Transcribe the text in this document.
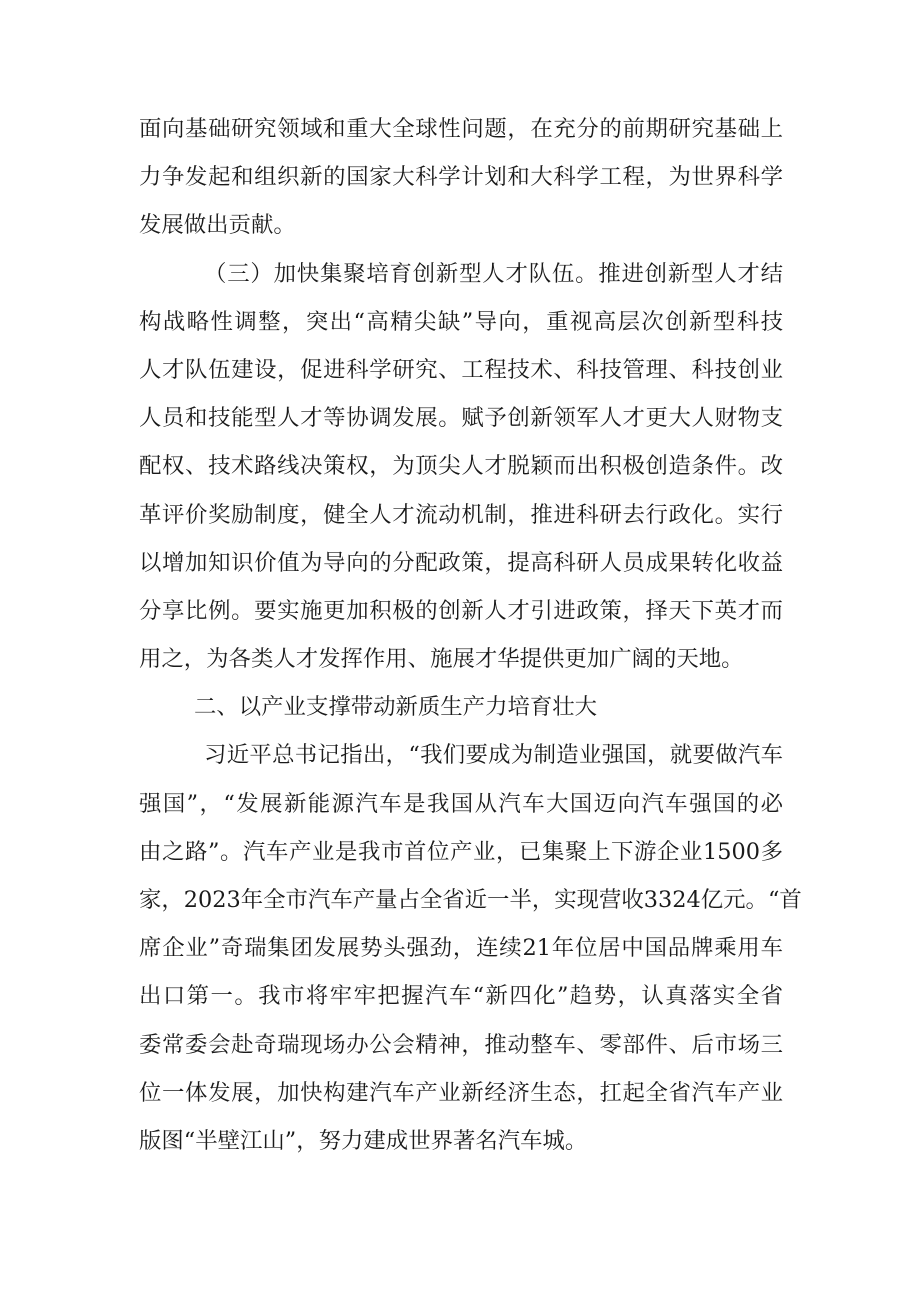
面向基础研究领域和重大全球性问题，在充分的前期研究基础上
力争发起和组织新的国家大科学计划和大科学工程，为世界科学
发展做出贡献。
（三）加快集聚培育创新型人才队伍。推进创新型人才结
构战略性调整，突出“高精尖缺”导向，重视高层次创新型科技
人才队伍建设，促进科学研究、工程技术、科技管理、科技创业
人员和技能型人才等协调发展。赋予创新领军人才更大人财物支
配权、技术路线决策权，为顶尖人才脱颖而出积极创造条件。改
革评价奖励制度，健全人才流动机制，推进科研去行政化。实行
以增加知识价值为导向的分配政策，提高科研人员成果转化收益
分享比例。要实施更加积极的创新人才引进政策，择天下英才而
用之，为各类人才发挥作用、施展才华提供更加广阔的天地。
二、以产业支撑带动新质生产力培育壮大
习近平总书记指出，“我们要成为制造业强国，就要做汽车
强国”，“发展新能源汽车是我国从汽车大国迈向汽车强国的必
由之路”。汽车产业是我市首位产业，已集聚上下游企业1500多
家，2023年全市汽车产量占全省近一半，实现营收3324亿元。“首
席企业”奇瑞集团发展势头强劲，连续21年位居中国品牌乘用车
出口第一。我市将牢牢把握汽车“新四化”趋势，认真落实全省
委常委会赴奇瑞现场办公会精神，推动整车、零部件、后市场三
位一体发展，加快构建汽车产业新经济生态，扛起全省汽车产业
版图“半壁江山”，努力建成世界著名汽车城。
